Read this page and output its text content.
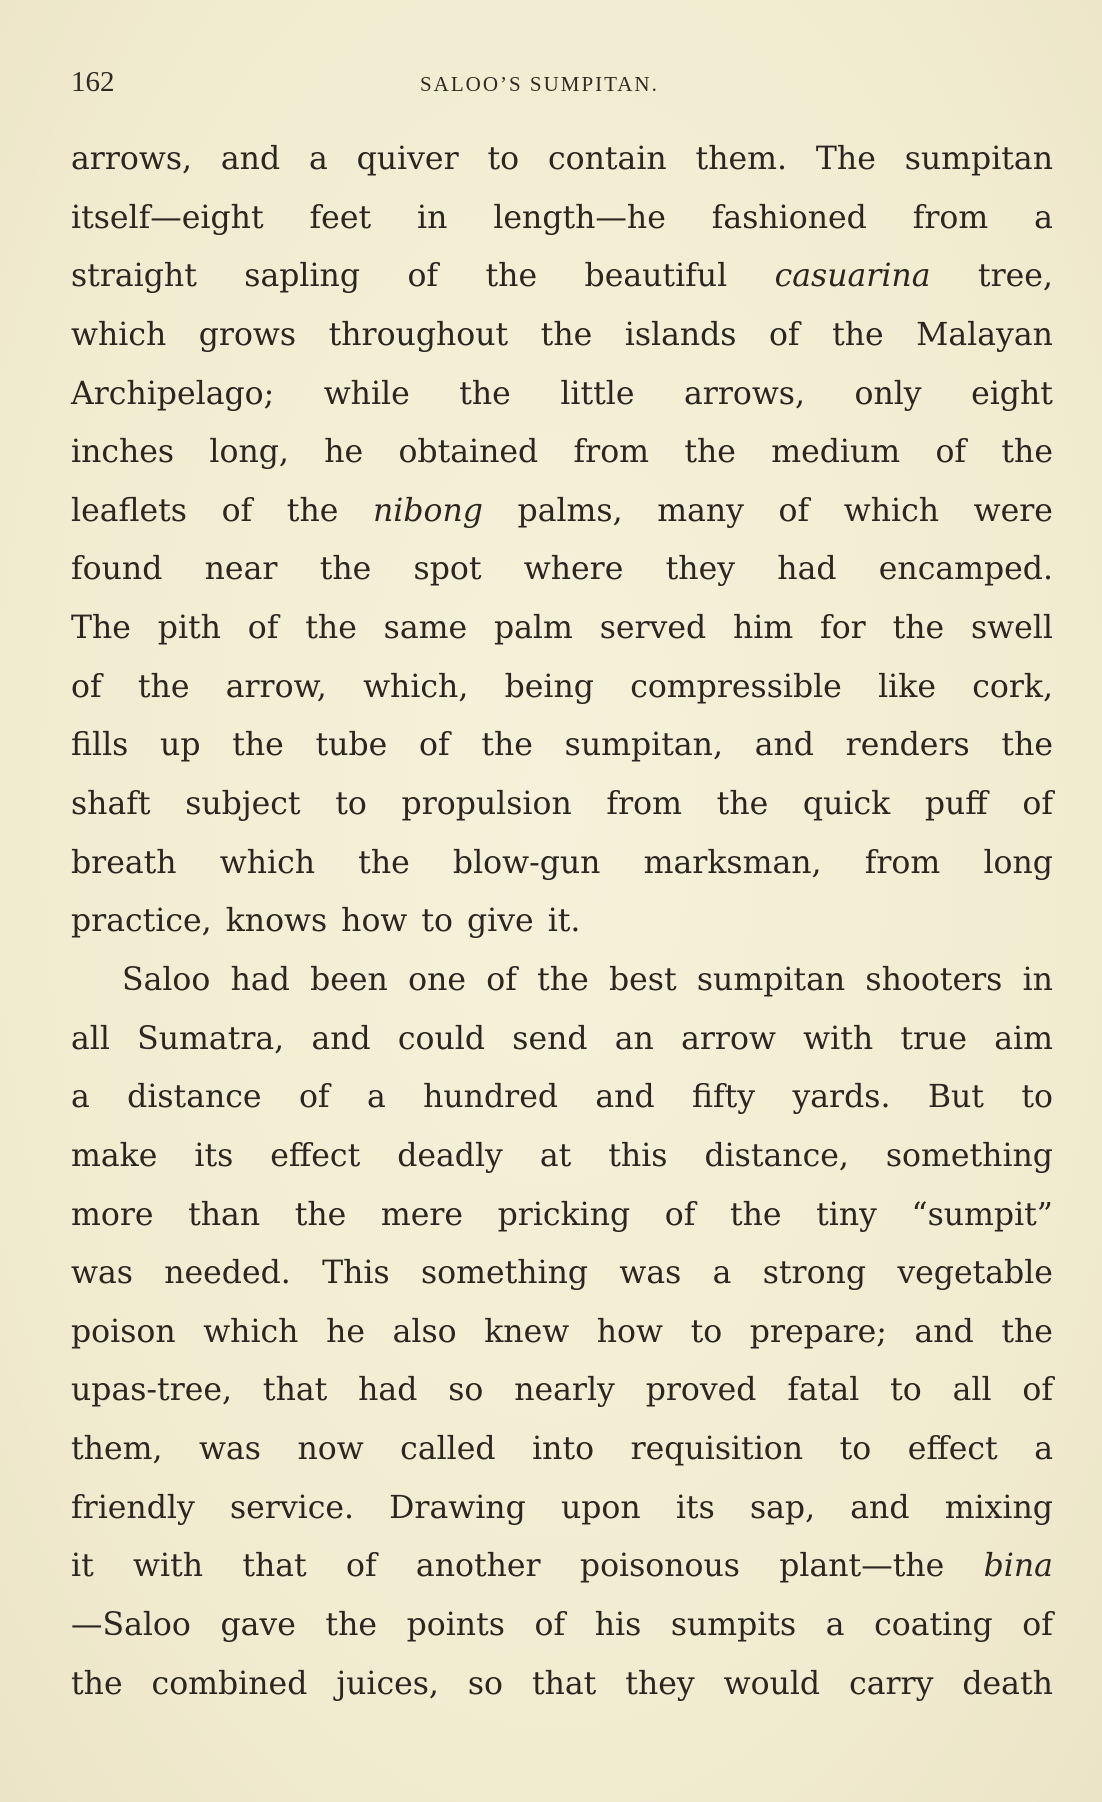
162	SALOO’S SUMPITAN.
arrows, and a quiver to contain them. The sumpitan
itself—eight feet in length—he fashioned from a
straight sapling of the beautiful casuarina tree,
which grows throughout the islands of the Malayan
Archipelago; while the little arrows, only eight
inches long, he obtained from the medium of the
leaflets of the nibong palms, many of which were
found near the spot where they had encamped.
The pith of the same palm served him for the swell
of the arrow, which, being compressible like cork,
fills up the tube of the sumpitan, and renders the
shaft subject to propulsion from the quick puff of
breath which the blow-gun marksman, from long
practice, knows how to give it.
Saloo had been one of the best sumpitan shooters in
all Sumatra, and could send an arrow with true aim
a distance of a hundred and fifty yards. But to
make its effect deadly at this distance, something
more than the mere pricking of the tiny “sumpit”
was needed. This something was a strong vegetable
poison which he also knew how to prepare; and the
upas-tree, that had so nearly proved fatal to all of
them, was now called into requisition to effect a
friendly service. Drawing upon its sap, and mixing
it with that of another poisonous plant—the bina
—Saloo gave the points of his sumpits a coating of
the combined juices, so that they would carry death
